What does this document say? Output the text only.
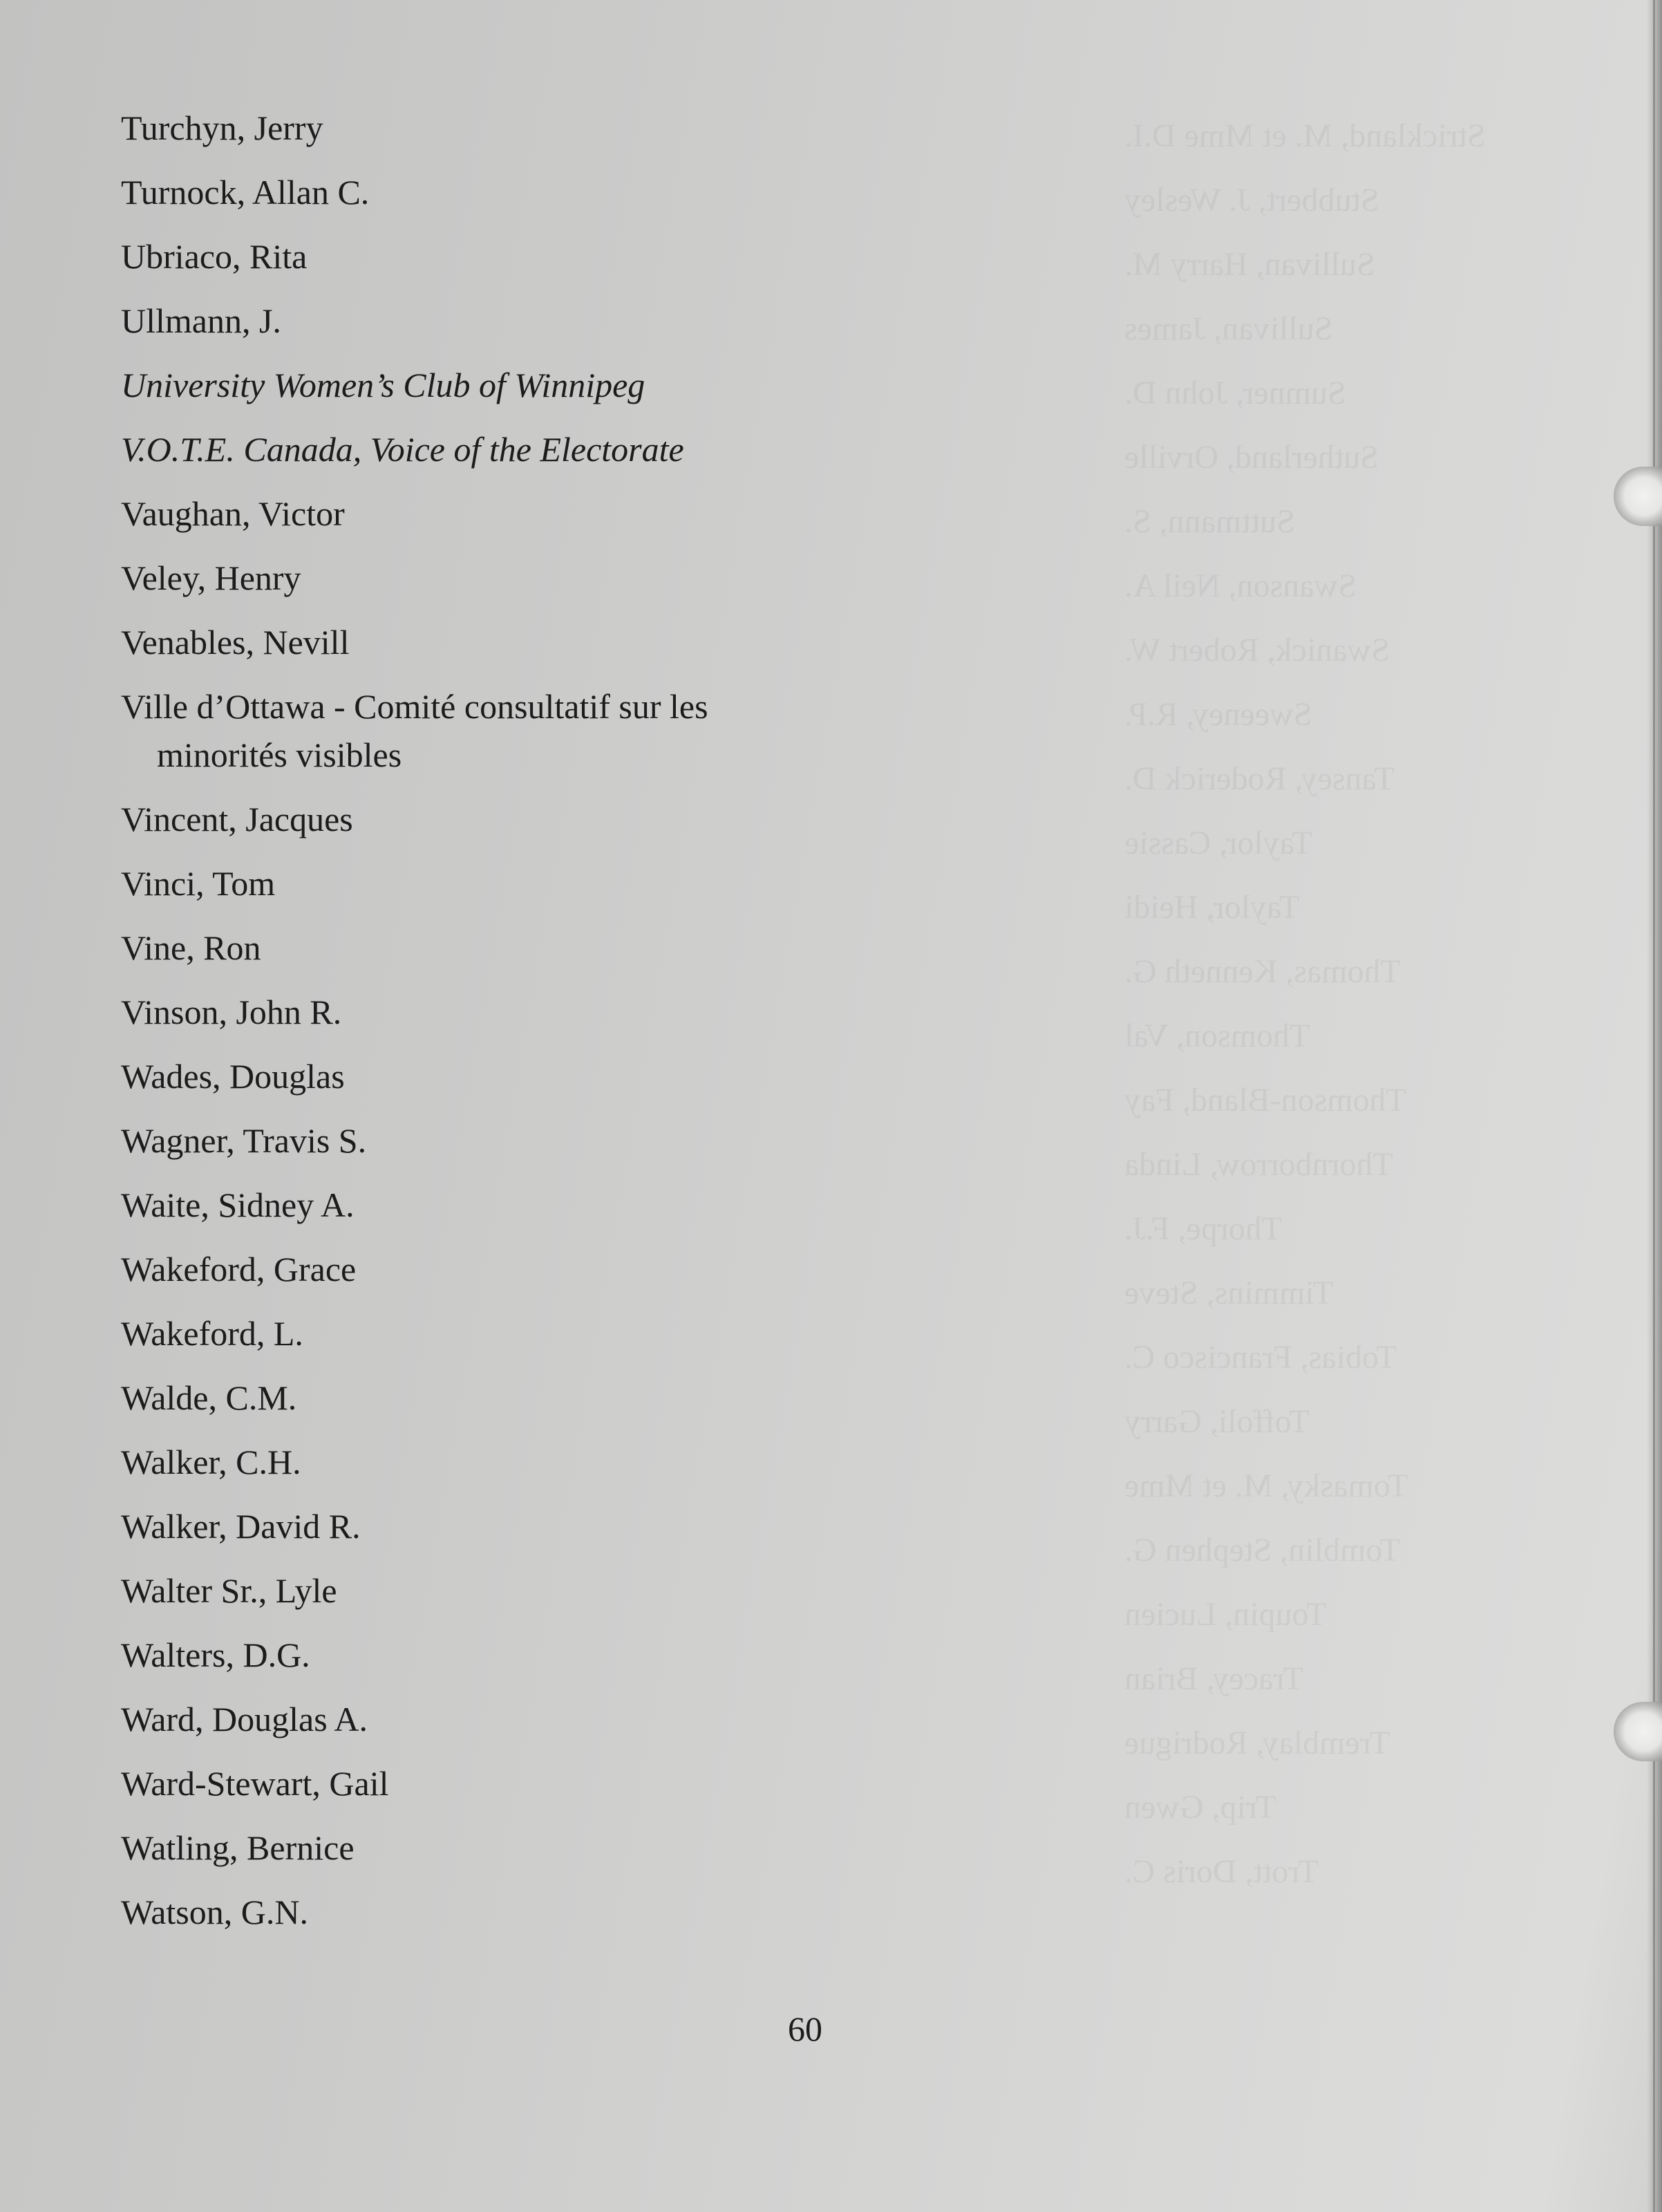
Strickland, M. et Mme D.I.
Stubbert, J. Wesley
Sullivan, Harry M.
Sullivan, James
Sumner, John D.
Sutherland, Orville
Suttmann, S.
Swanson, Neil A.
Swanick, Robert W.
Sweeney, R.P.
Tansey, Roderick D.
Taylor, Cassie
Taylor, Heidi
Thomas, Kenneth G.
Thomson, Val
Thomson-Bland, Fay
Thornborrow, Linda
Thorpe, F.J.
Timmins, Steve
Tobias, Francisco C.
Toffoli, Garry
Tomasky, M. et Mme
Tomblin, Stephen G.
Toupin, Lucien
Tracey, Brian
Tremblay, Rodrigue
Trip, Gwen
Trott, Doris C.
Turchyn, Jerry
Turnock, Allan C.
Ubriaco, Rita
Ullmann, J.
University Women’s Club of Winnipeg
V.O.T.E. Canada, Voice of the Electorate
Vaughan, Victor
Veley, Henry
Venables, Nevill
Ville d’Ottawa - Comité consultatif sur les minorités visibles
Vincent, Jacques
Vinci, Tom
Vine, Ron
Vinson, John R.
Wades, Douglas
Wagner, Travis S.
Waite, Sidney A.
Wakeford, Grace
Wakeford, L.
Walde, C.M.
Walker, C.H.
Walker, David R.
Walter Sr., Lyle
Walters, D.G.
Ward, Douglas A.
Ward-Stewart, Gail
Watling, Bernice
Watson, G.N.
60
